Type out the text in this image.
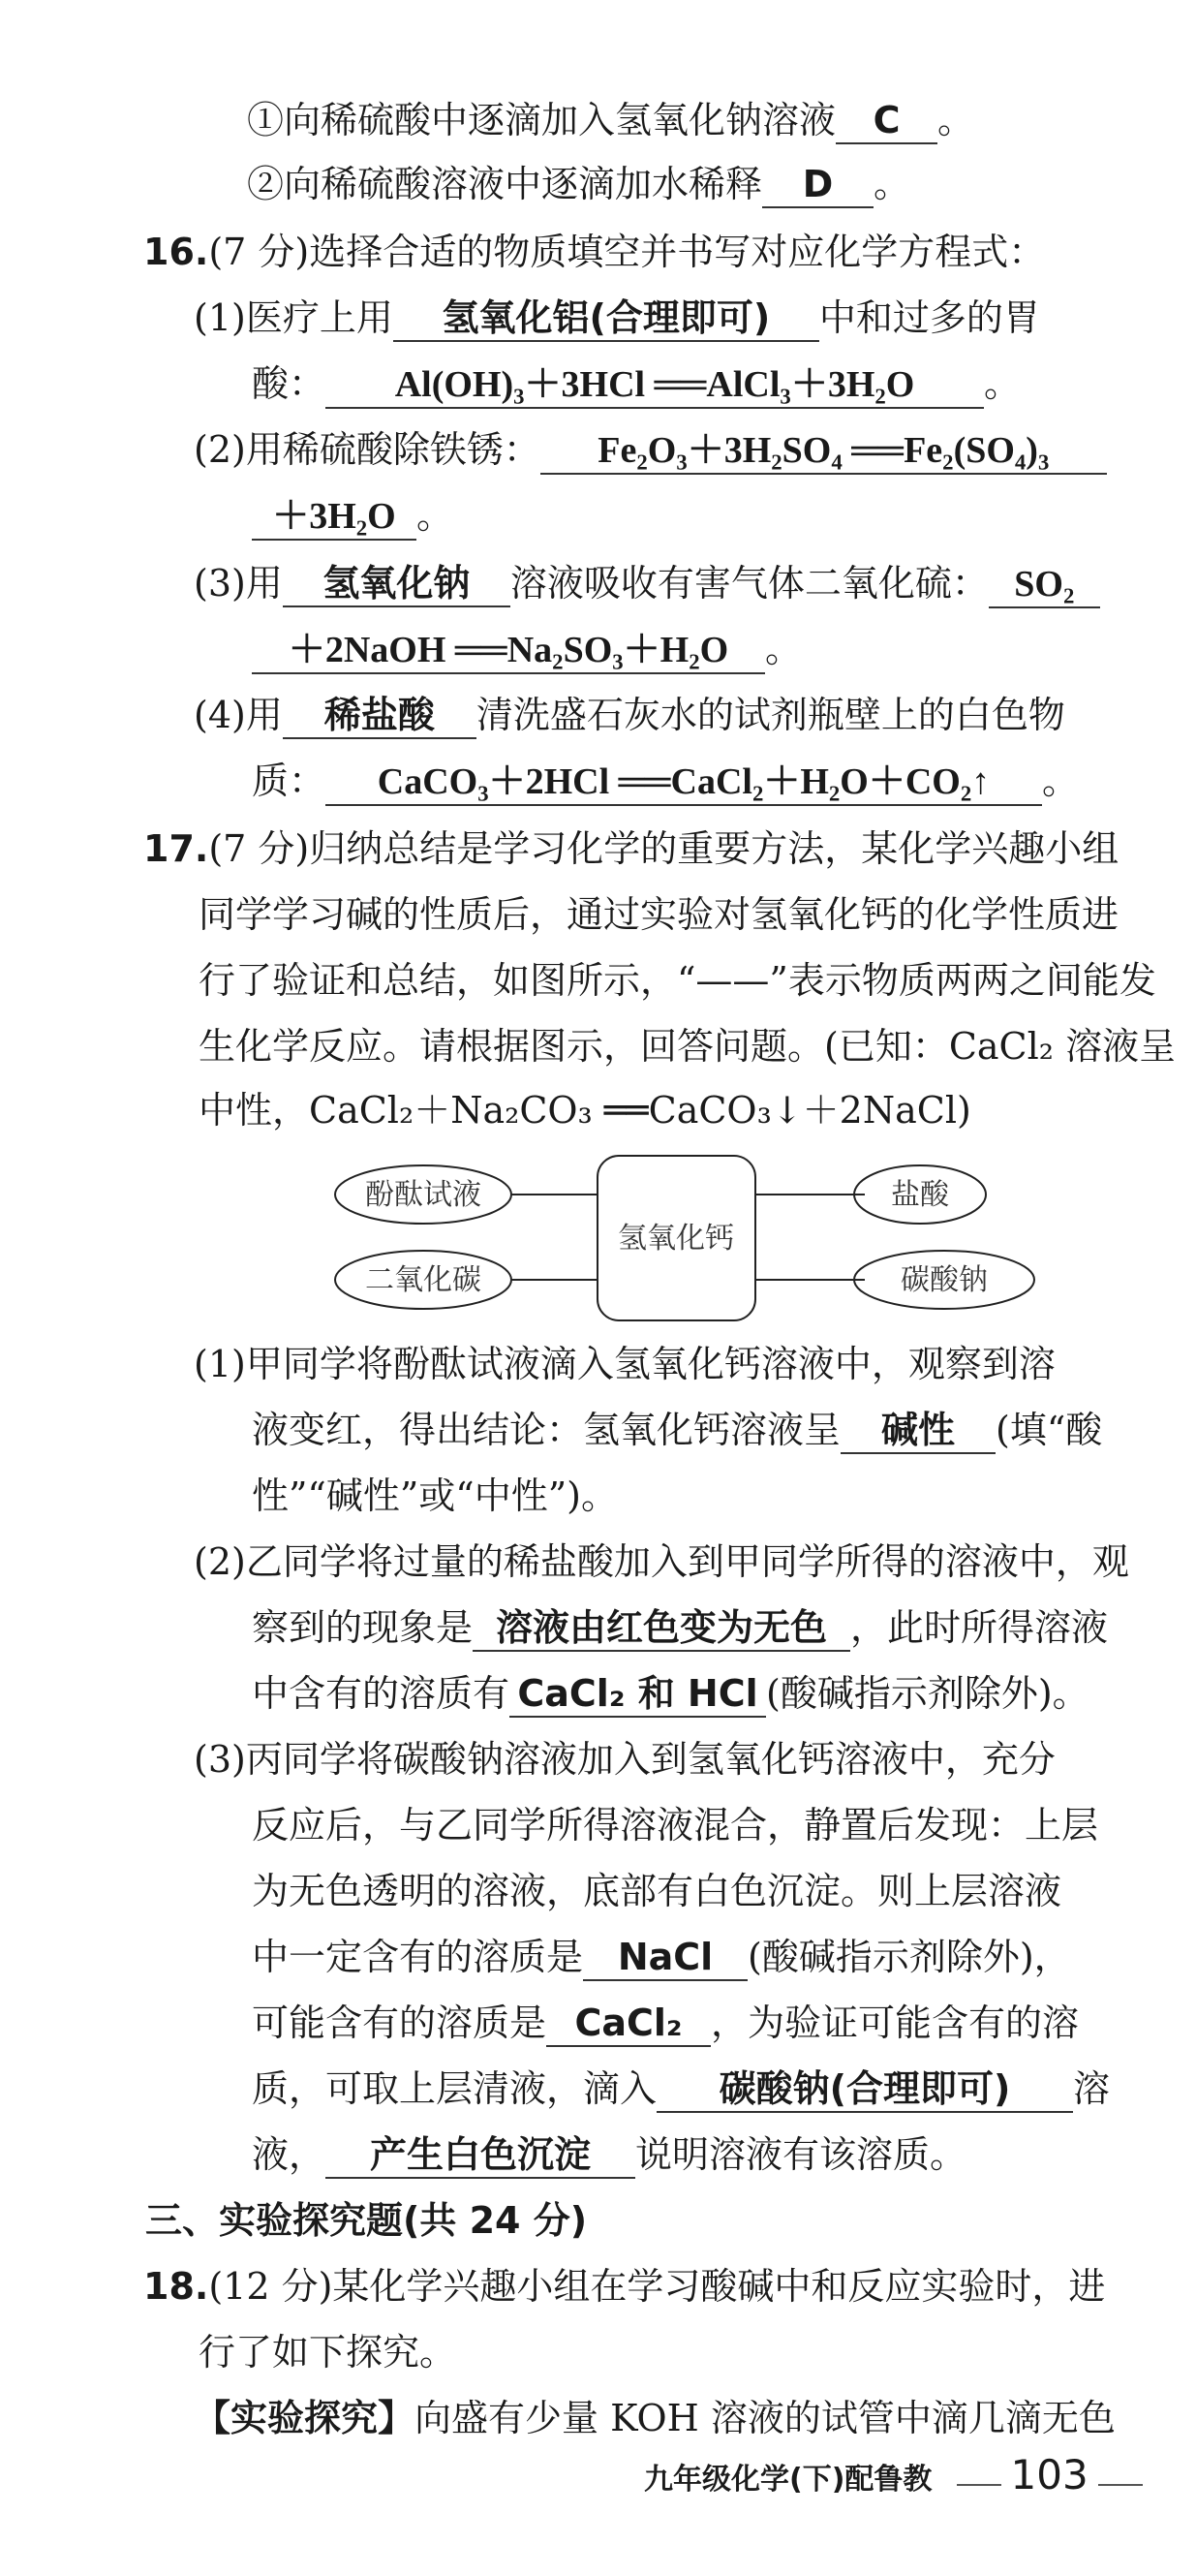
①向稀硫酸中逐滴加入氢氧化钠溶液 C 。
②向稀硫酸溶液中逐滴加水稀释 D 。
16.(7 分)选择合适的物质填空并书写对应化学方程式：
(1)医疗上用 氢氧化铝(合理即可) 中和过多的胃
酸： Al(OH)₃＋3HCl ══AlCl₃＋3H₂O 。
(2)用稀硫酸除铁锈： Fe₂O₃＋3H₂SO₄ ══Fe₂(SO₄)₃
＋3H₂O 。
(3)用 氢氧化钠 溶液吸收有害气体二氧化硫： SO₂
＋2NaOH ══Na₂SO₃＋H₂O 。
(4)用 稀盐酸 清洗盛石灰水的试剂瓶壁上的白色物
质： CaCO₃＋2HCl ══CaCl₂＋H₂O＋CO₂↑ 。
17.(7 分)归纳总结是学习化学的重要方法，某化学兴趣小组
同学学习碱的性质后，通过实验对氢氧化钙的化学性质进
行了验证和总结，如图所示，“——”表示物质两两之间能发
生化学反应。请根据图示，回答问题。(已知：CaCl₂ 溶液呈
中性，CaCl₂＋Na₂CO₃ ══CaCO₃↓＋2NaCl)
氢氧化钙
酚酞试液
二氧化碳
盐酸
碳酸钠
(1)甲同学将酚酞试液滴入氢氧化钙溶液中，观察到溶
液变红，得出结论：氢氧化钙溶液呈 碱性 (填“酸
性”“碱性”或“中性”)。
(2)乙同学将过量的稀盐酸加入到甲同学所得的溶液中，观
察到的现象是 溶液由红色变为无色 ，此时所得溶液
中含有的溶质有 CaCl₂ 和 HCl (酸碱指示剂除外)。
(3)丙同学将碳酸钠溶液加入到氢氧化钙溶液中，充分
反应后，与乙同学所得溶液混合，静置后发现：上层
为无色透明的溶液，底部有白色沉淀。则上层溶液
中一定含有的溶质是 NaCl (酸碱指示剂除外)，
可能含有的溶质是 CaCl₂ ，为验证可能含有的溶
质，可取上层清液，滴入 碳酸钠(合理即可) 溶
液， 产生白色沉淀 说明溶液有该溶质。
三、实验探究题(共 24 分)
18.(12 分)某化学兴趣小组在学习酸碱中和反应实验时，进
行了如下探究。
【实验探究】向盛有少量 KOH 溶液的试管中滴几滴无色
九年级化学(下)配鲁教 103
